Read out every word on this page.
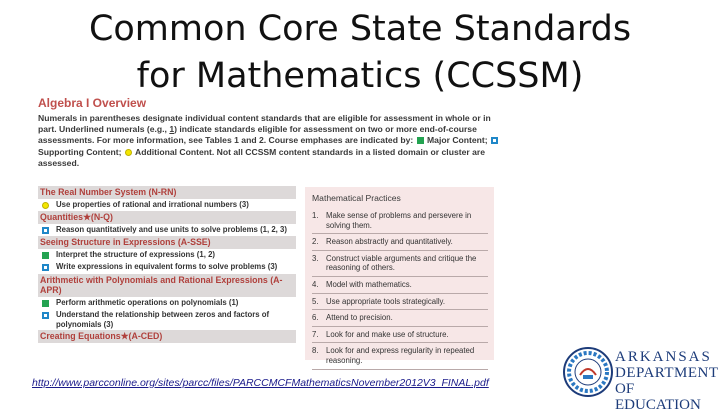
Common Core State Standards
for Mathematics (CCSSM)
Algebra I Overview
Numerals in parentheses designate individual content standards that are eligible for assessment in whole or in part. Underlined numerals (e.g., 1) indicate standards eligible for assessment on two or more end-of-course assessments. For more information, see Tables 1 and 2. Course emphases are indicated by:  Major Content;  Supporting Content; Additional Content. Not all CCSSM content standards in a listed domain or cluster are assessed.
The Real Number System (N-RN)
Use properties of rational and irrational numbers (3)
Quantities★(N-Q)
Reason quantitatively and use units to solve problems (1, 2, 3)
Seeing Structure in Expressions (A-SSE)
Interpret the structure of expressions (1, 2)
Write expressions in equivalent forms to solve problems (3)
Arithmetic with Polynomials and Rational Expressions (A-APR)
Perform arithmetic operations on polynomials (1)
Understand the relationship between zeros and factors of polynomials (3)
Creating Equations★(A-CED)
Mathematical Practices
1. Make sense of problems and persevere in solving them.
2. Reason abstractly and quantitatively.
3. Construct viable arguments and critique the reasoning of others.
4. Model with mathematics.
5. Use appropriate tools strategically.
6. Attend to precision.
7. Look for and make use of structure.
8. Look for and express regularity in repeated reasoning.
http://www.parcconline.org/sites/parcc/files/PARCCMCFMathematicsNovember2012V3_FINAL.pdf
ARKANSAS
DEPARTMENT
OF EDUCATION
